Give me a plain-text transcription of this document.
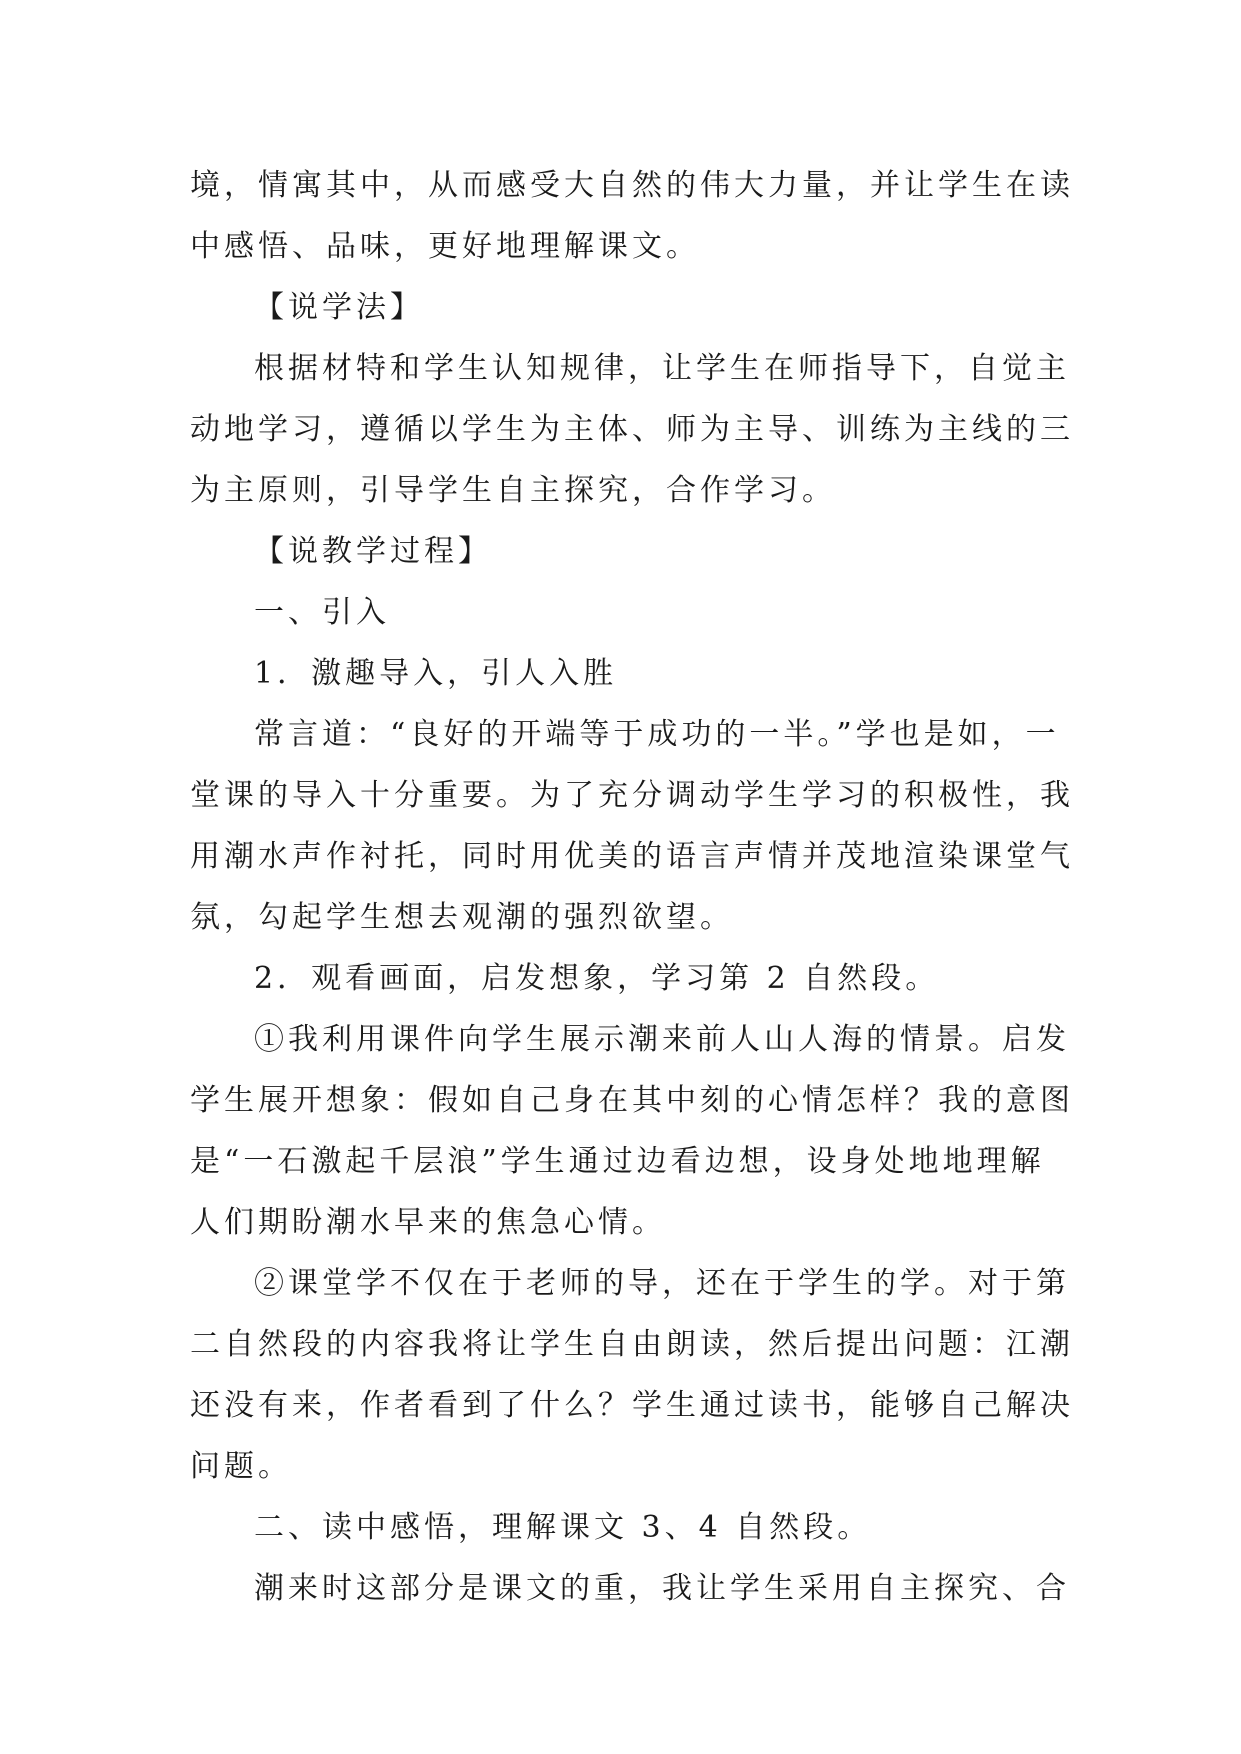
境，情寓其中，从而感受大自然的伟大力量，并让学生在读
中感悟、品味，更好地理解课文。
【说学法】
根据材特和学生认知规律，让学生在师指导下，自觉主
动地学习，遵循以学生为主体、师为主导、训练为主线的三
为主原则，引导学生自主探究，合作学习。
【说教学过程】
一、引入
1．激趣导入，引人入胜
常言道：“良好的开端等于成功的一半。”学也是如，一
堂课的导入十分重要。为了充分调动学生学习的积极性，我
用潮水声作衬托，同时用优美的语言声情并茂地渲染课堂气
氛，勾起学生想去观潮的强烈欲望。
2．观看画面，启发想象，学习第 2 自然段。
①我利用课件向学生展示潮来前人山人海的情景。启发
学生展开想象：假如自己身在其中刻的心情怎样？我的意图
是“一石激起千层浪”学生通过边看边想，设身处地地理解
人们期盼潮水早来的焦急心情。
②课堂学不仅在于老师的导，还在于学生的学。对于第
二自然段的内容我将让学生自由朗读，然后提出问题：江潮
还没有来，作者看到了什么？学生通过读书，能够自己解决
问题。
二、读中感悟，理解课文 3、4 自然段。
潮来时这部分是课文的重，我让学生采用自主探究、合
